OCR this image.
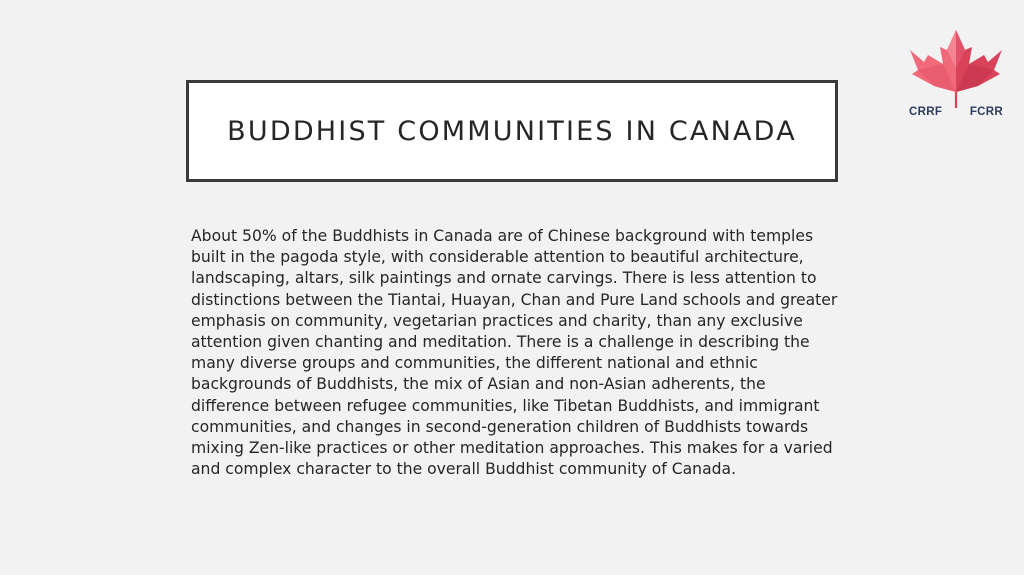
BUDDHIST COMMUNITIES IN CANADA

About 50% of the Buddhists in Canada are of Chinese background with temples built in the pagoda style, with considerable attention to beautiful architecture, landscaping, altars, silk paintings and ornate carvings. There is less attention to distinctions between the Tiantai, Huayan, Chan and Pure Land schools and greater emphasis on community, vegetarian practices and charity, than any exclusive attention given chanting and meditation. There is a challenge in describing the many diverse groups and communities, the different national and ethnic backgrounds of Buddhists, the mix of Asian and non-Asian adherents, the difference between refugee communities, like Tibetan Buddhists, and immigrant communities, and changes in second-generation children of Buddhists towards mixing Zen-like practices or other meditation approaches. This makes for a varied and complex character to the overall Buddhist community of Canada.

CRRF FCRR
